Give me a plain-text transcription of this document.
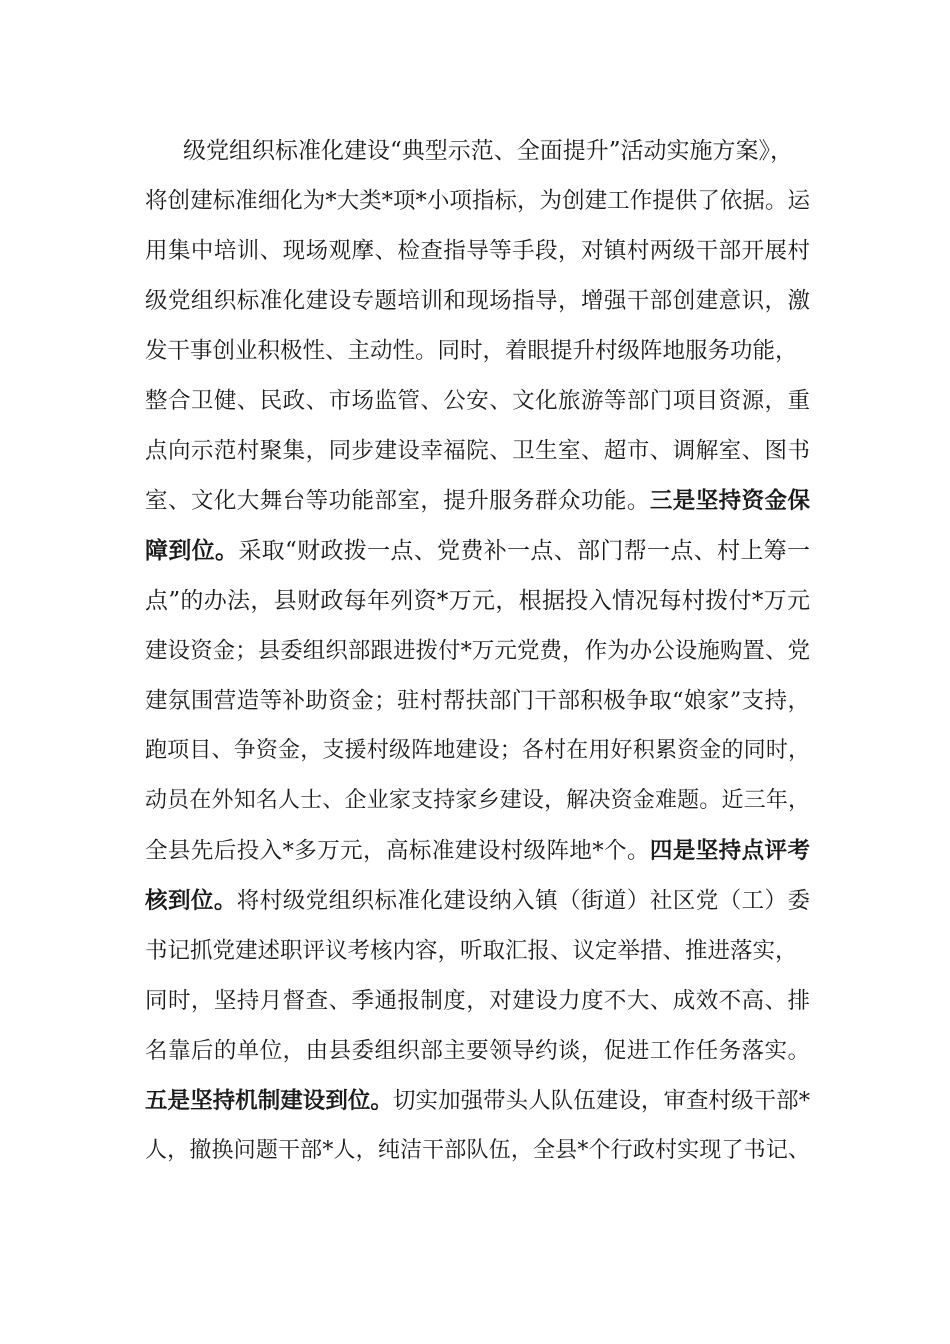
级党组织标准化建设“典型示范、全面提升”活动实施方案》，
将创建标准细化为*大类*项*小项指标，为创建工作提供了依据。运
用集中培训、现场观摩、检查指导等手段，对镇村两级干部开展村
级党组织标准化建设专题培训和现场指导，增强干部创建意识，激
发干事创业积极性、主动性。同时，着眼提升村级阵地服务功能，
整合卫健、民政、市场监管、公安、文化旅游等部门项目资源，重
点向示范村聚集，同步建设幸福院、卫生室、超市、调解室、图书
室、文化大舞台等功能部室，提升服务群众功能。三是坚持资金保
障到位。采取“财政拨一点、党费补一点、部门帮一点、村上筹一
点”的办法，县财政每年列资*万元，根据投入情况每村拨付*万元
建设资金；县委组织部跟进拨付*万元党费，作为办公设施购置、党
建氛围营造等补助资金；驻村帮扶部门干部积极争取“娘家”支持，
跑项目、争资金，支援村级阵地建设；各村在用好积累资金的同时，
动员在外知名人士、企业家支持家乡建设，解决资金难题。近三年，
全县先后投入*多万元，高标准建设村级阵地*个。四是坚持点评考
核到位。将村级党组织标准化建设纳入镇（街道）社区党（工）委
书记抓党建述职评议考核内容，听取汇报、议定举措、推进落实，
同时，坚持月督查、季通报制度，对建设力度不大、成效不高、排
名靠后的单位，由县委组织部主要领导约谈，促进工作任务落实。
五是坚持机制建设到位。切实加强带头人队伍建设，审查村级干部*
人，撤换问题干部*人，纯洁干部队伍，全县*个行政村实现了书记、
